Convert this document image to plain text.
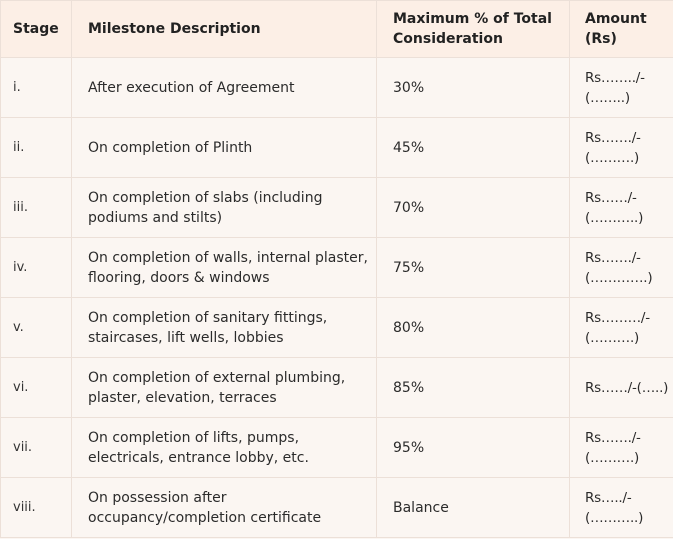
Stage	Milestone Description	Maximum % of Total
Consideration	Amount
(Rs)

i.	After execution of Agreement	30%	Rs……../-
(……..)

ii.	On completion of Plinth	45%	Rs……./-
(……….)

iii.	On completion of slabs (including
podiums and stilts)	70%	Rs……/-
(………..)

iv.	On completion of walls, internal plaster,
flooring, doors & windows	75%	Rs……./-
(………….)

v.	On completion of sanitary fittings,
staircases, lift wells, lobbies	80%	Rs………/-
(……….)

vi.	On completion of external plumbing,
plaster, elevation, terraces	85%	Rs……/-(…..)

vii.	On completion of lifts, pumps,
electricals, entrance lobby, etc.	95%	Rs……./-
(……….)

viii.	On possession after
occupancy/completion certificate	Balance	Rs…../-
(………..)
